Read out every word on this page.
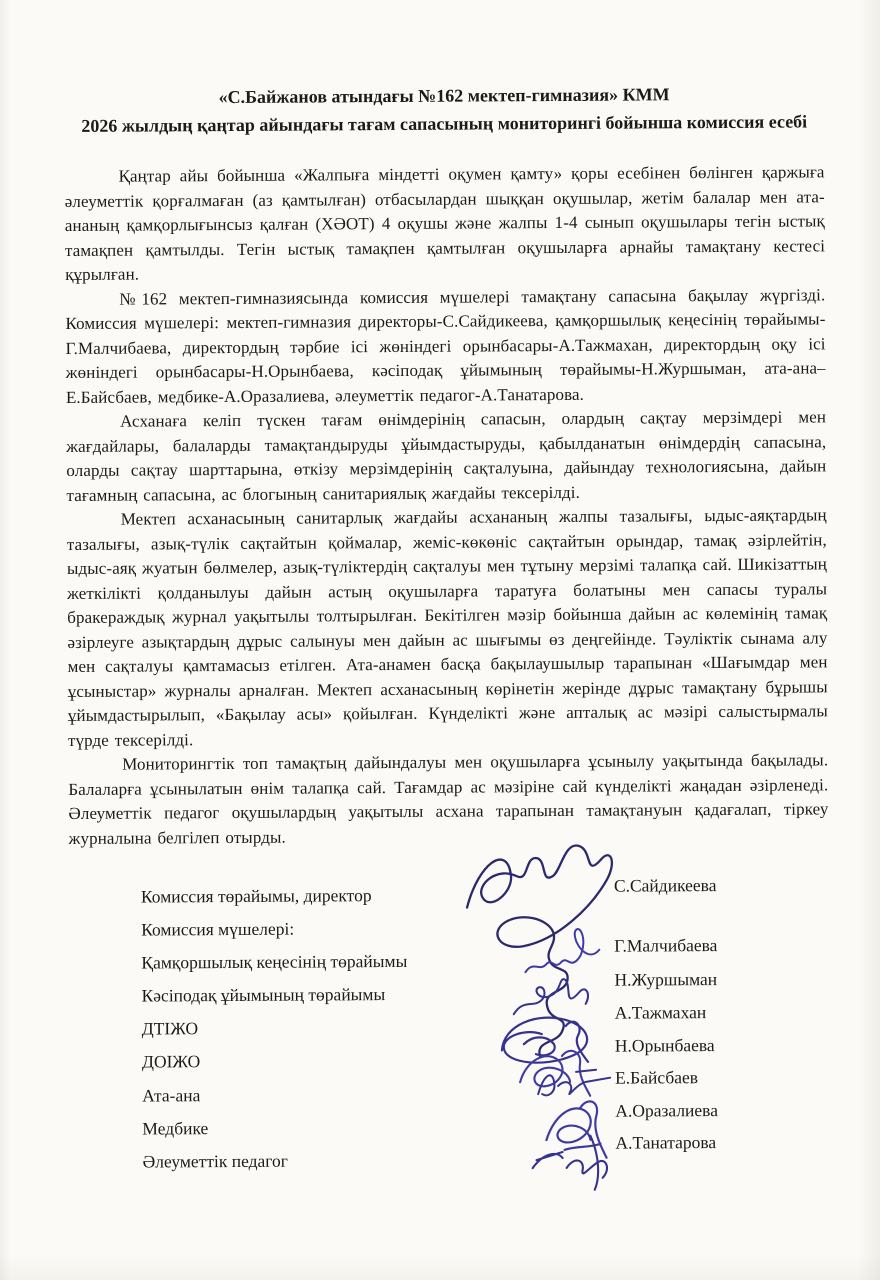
«С.Байжанов атындағы №162 мектеп-гимназия» КММ
2026 жылдың қаңтар айындағы тағам сапасының мониторингі бойынша комиссия есебі

Қаңтар айы бойынша «Жалпыға міндетті оқумен қамту» қоры есебінен бөлінген қаржыға әлеуметтік қорғалмаған (аз қамтылған) отбасылардан шыққан оқушылар, жетім балалар мен ата-ананың қамқорлығынсыз қалған (ХӘОТ) 4 оқушы және жалпы 1-4 сынып оқушылары тегін ыстық тамақпен қамтылды. Тегін ыстық тамақпен қамтылған оқушыларға арнайы тамақтану кестесі құрылған.

№162 мектеп-гимназиясында комиссия мүшелері тамақтану сапасына бақылау жүргізді. Комиссия мүшелері: мектеп-гимназия директоры-С.Сайдикеева, қамқоршылық кеңесінің төрайымы-Г.Малчибаева, директордың тәрбие ісі жөніндегі орынбасары-А.Тажмахан, директордың оқу ісі жөніндегі орынбасары-Н.Орынбаева, кәсіподақ ұйымының төрайымы-Н.Журшыман, ата-ана–Е.Байсбаев, медбике-А.Оразалиева, әлеуметтік педагог-А.Танатарова.

Асханаға келіп түскен тағам өнімдерінің сапасын, олардың сақтау мерзімдері мен жағдайлары, балаларды тамақтандыруды ұйымдастыруды, қабылданатын өнімдердің сапасына, оларды сақтау шарттарына, өткізу мерзімдерінің сақталуына, дайындау технологиясына, дайын тағамның сапасына, ас блогының санитариялық жағдайы тексерілді.

Мектеп асханасының санитарлық жағдайы асхананың жалпы тазалығы, ыдыс-аяқтардың тазалығы, азық-түлік сақтайтын қоймалар, жеміс-көкөніс сақтайтын орындар, тамақ әзірлейтін, ыдыс-аяқ жуатын бөлмелер, азық-түліктердің сақталуы мен тұтыну мерзімі талапқа сай. Шикізаттың жеткілікті қолданылуы дайын астың оқушыларға таратуға болатыны мен сапасы туралы бракераждық журнал уақытылы толтырылған. Бекітілген мәзір бойынша дайын ас көлемінің тамақ әзірлеуге азықтардың дұрыс салынуы мен дайын ас шығымы өз деңгейінде. Тәуліктік сынама алу мен сақталуы қамтамасыз етілген. Ата-анамен басқа бақылаушылыр тарапынан «Шағымдар мен ұсыныстар» журналы арналған. Мектеп асханасының көрінетін жерінде дұрыс тамақтану бұрышы ұйымдастырылып, «Бақылау асы» қойылған. Күнделікті және апталық ас мәзірі салыстырмалы түрде тексерілді.

Мониторингтік топ тамақтың дайындалуы мен оқушыларға ұсынылу уақытында бақылады. Балаларға ұсынылатын өнім талапқа сай. Тағамдар ас мәзіріне сай күнделікті жаңадан әзірленеді. Әлеуметтік педагог оқушылардың уақытылы асхана тарапынан тамақтануын қадағалап, тіркеу журналына белгілеп отырды.

Комиссия төрайымы, директор
Комиссия мүшелері:
Қамқоршылық кеңесінің төрайымы
Кәсіподақ ұйымының төрайымы
ДТІЖО
ДОІЖО
Ата-ана
Медбике
Әлеуметтік педагог
С.Сайдикеева
Г.Малчибаева
Н.Журшыман
А.Тажмахан
Н.Орынбаева
Е.Байсбаев
А.Оразалиева
А.Танатарова
